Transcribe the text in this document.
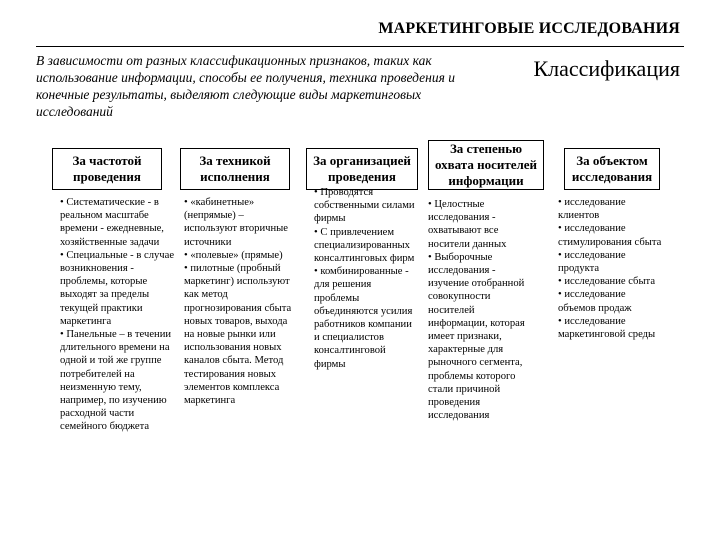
МАРКЕТИНГОВЫЕ ИССЛЕДОВАНИЯ
В зависимости от разных классификационных признаков, таких как использование информации, способы ее получения, техника проведения и конечные результаты, выделяют следующие виды маркетинговых исследований
Классификация
За частотой проведения

• Систематические - в реальном масштабе времени - ежедневные, хозяйственные задачи

• Специальные - в случае возникновения - проблемы, которые выходят за пределы текущей практики маркетинга

• Панельные – в течении длительного времени на одной и той же группе потребителей на неизменную тему, например, по изучению расходной части семейного бюджета

За техникой исполнения

• «кабинетные» (непрямые) – используют вторичные источники

• «полевые» (прямые)

• пилотные (пробный маркетинг) используют как метод прогнозирования сбыта новых товаров, выхода на новые рынки или использования новых каналов сбыта. Метод тестирования новых элементов комплекса маркетинга

За организацией проведения

• Проводятся собственными силами фирмы

• С привлечением специализированных консалтинговых фирм

• комбинированные - для решения проблемы объединяются усилия работников компании и специалистов консалтинговой фирмы

За степенью охвата носителей информации

• Целостные исследования - охватывают все носители данных

• Выборочные исследования - изучение отобранной совокупности носителей информации, которая имеет признаки, характерные для рыночного сегмента, проблемы которого стали причиной проведения исследования

За объектом исследования

• исследование клиентов

• исследование стимулирования сбыта

• исследование продукта

• исследование сбыта

• исследование объемов продаж

• исследование маркетинговой среды
